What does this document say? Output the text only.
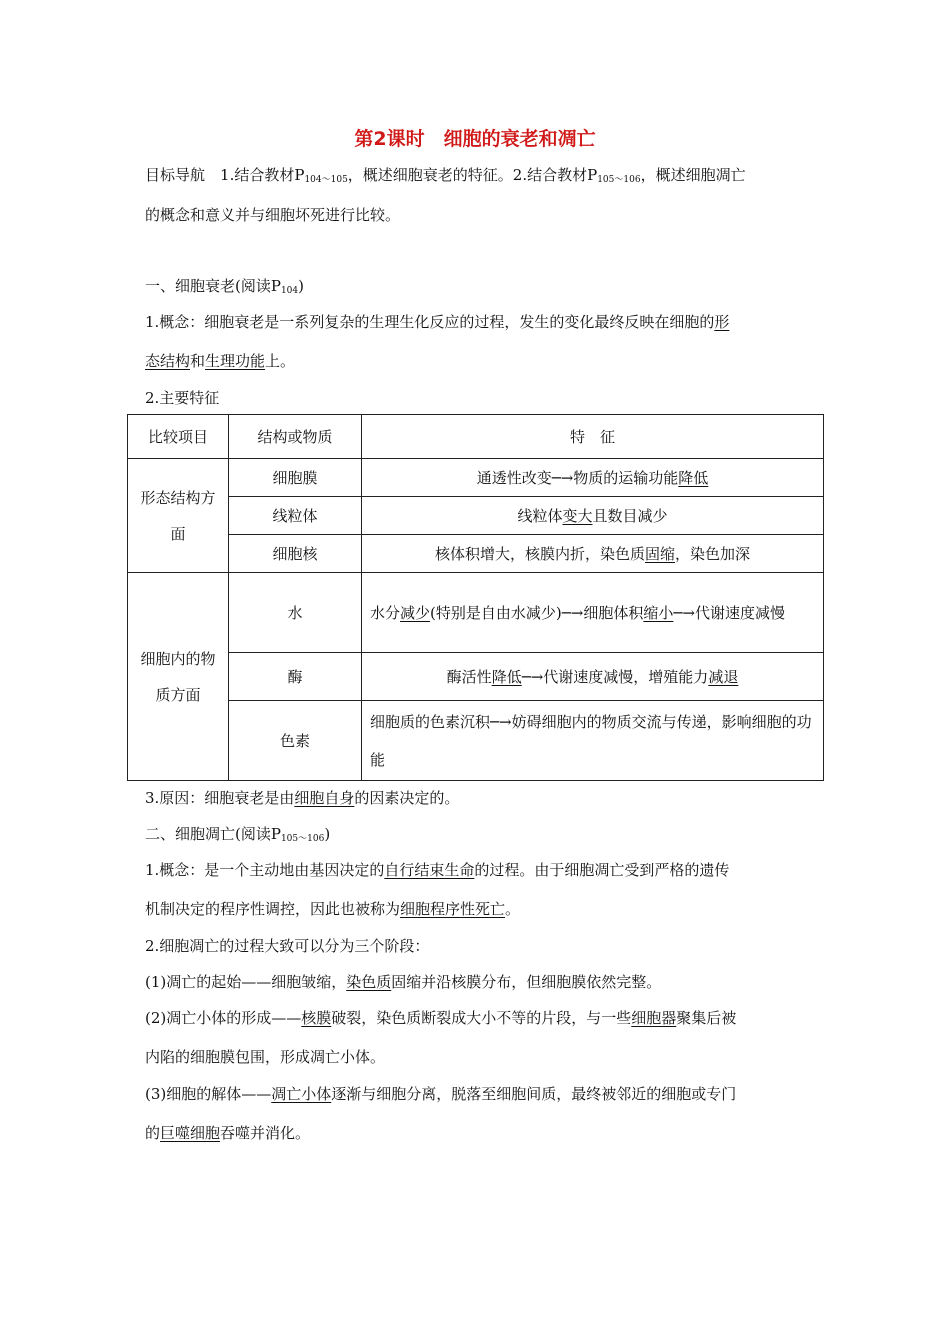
第2课时　细胞的衰老和凋亡
目标导航　 1.结合教材$P_{104\sim 105}$，概述细胞衰老的特征。2.结合教材$P_{105\sim 106}$，概述细胞凋亡
的概念和意义并与细胞坏死进行比较。
一、细胞衰老(阅读$P_{104}$)
1.概念：细胞衰老是一系列复杂的生理生化反应的过程，发生的变化最终反映在细胞的形
态结构和生理功能上。
2.主要特征
比较项目	结构或物质	特　征
形态结构方面	细胞膜	通透性改变─→物质的运输功能降低
	线粒体	线粒体变大且数目减少
	细胞核	核体积增大，核膜内折，染色质固缩，染色加深
细胞内的物质方面	水	水分减少(特别是自由水减少)─→细胞体积缩小─→代谢速度减慢
	酶	酶活性降低─→代谢速度减慢，增殖能力减退
	色素	细胞质的色素沉积─→妨碍细胞内的物质交流与传递，影响细胞的功能
3.原因：细胞衰老是由细胞自身的因素决定的。
二、细胞凋亡(阅读$P_{105\sim 106}$)
1.概念：是一个主动地由基因决定的自行结束生命的过程。由于细胞凋亡受到严格的遗传
机制决定的程序性调控，因此也被称为细胞程序性死亡。
2.细胞凋亡的过程大致可以分为三个阶段：
(1)凋亡的起始——细胞皱缩，染色质固缩并沿核膜分布，但细胞膜依然完整。
(2)凋亡小体的形成——核膜破裂，染色质断裂成大小不等的片段，与一些细胞器聚集后被
内陷的细胞膜包围，形成凋亡小体。
(3)细胞的解体——凋亡小体逐渐与细胞分离，脱落至细胞间质，最终被邻近的细胞或专门
的巨噬细胞吞噬并消化。
